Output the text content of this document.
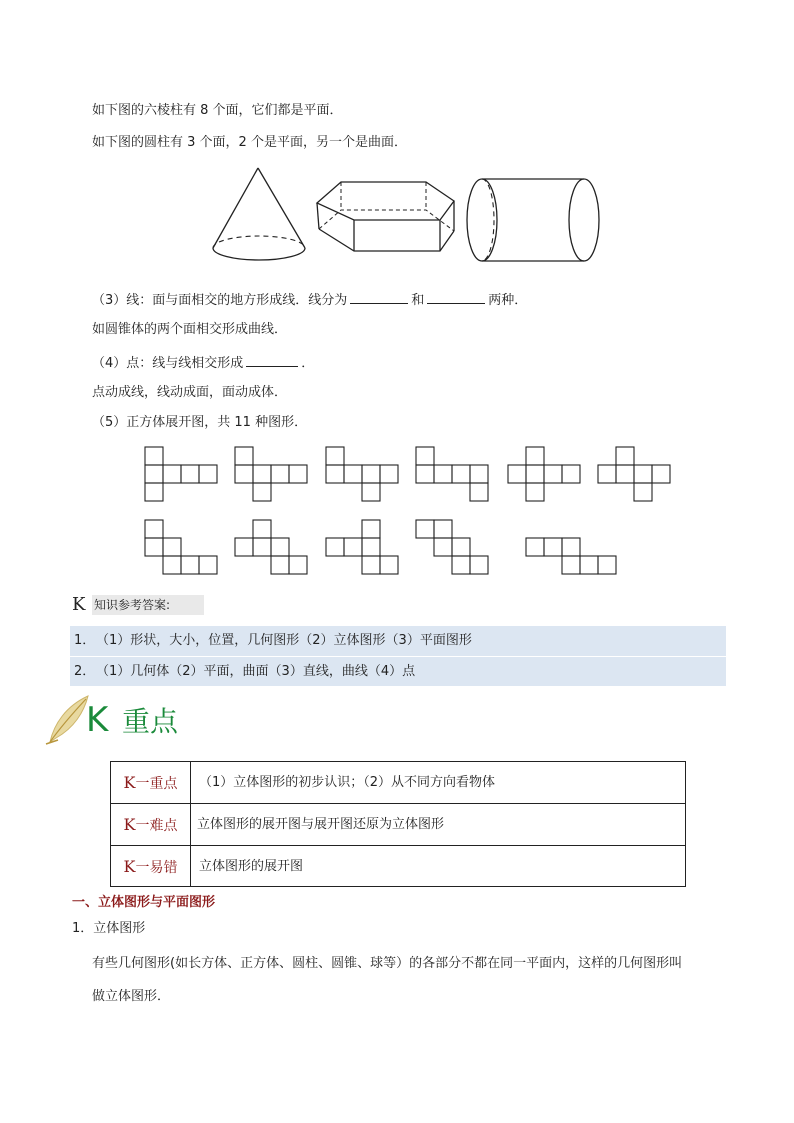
如下图的六棱柱有 8 个面，它们都是平面．
如下图的圆柱有 3 个面，2 个是平面，另一个是曲面．
（3）线：面与面相交的地方形成线．线分为	和	两种．
如圆锥体的两个面相交形成曲线．
（4）点：线与线相交形成	．
点动成线，线动成面，面动成体．
（5）正方体展开图，共 11 种图形．
K 知识参考答案:
1． （1）形状，大小，位置，几何图形（2）立体图形（3）平面图形
2． （1）几何体（2）平面，曲面（3）直线，曲线（4）点
K 重点
K一重点	（1）立体图形的初步认识；（2）从不同方向看物体
K一难点	立体图形的展开图与展开图还原为立体图形
K一易错	立体图形的展开图
一、立体图形与平面图形
1．立体图形
有些几何图形(如长方体、正方体、圆柱、圆锥、球等）的各部分不都在同一平面内，这样的几何图形叫
做立体图形．
